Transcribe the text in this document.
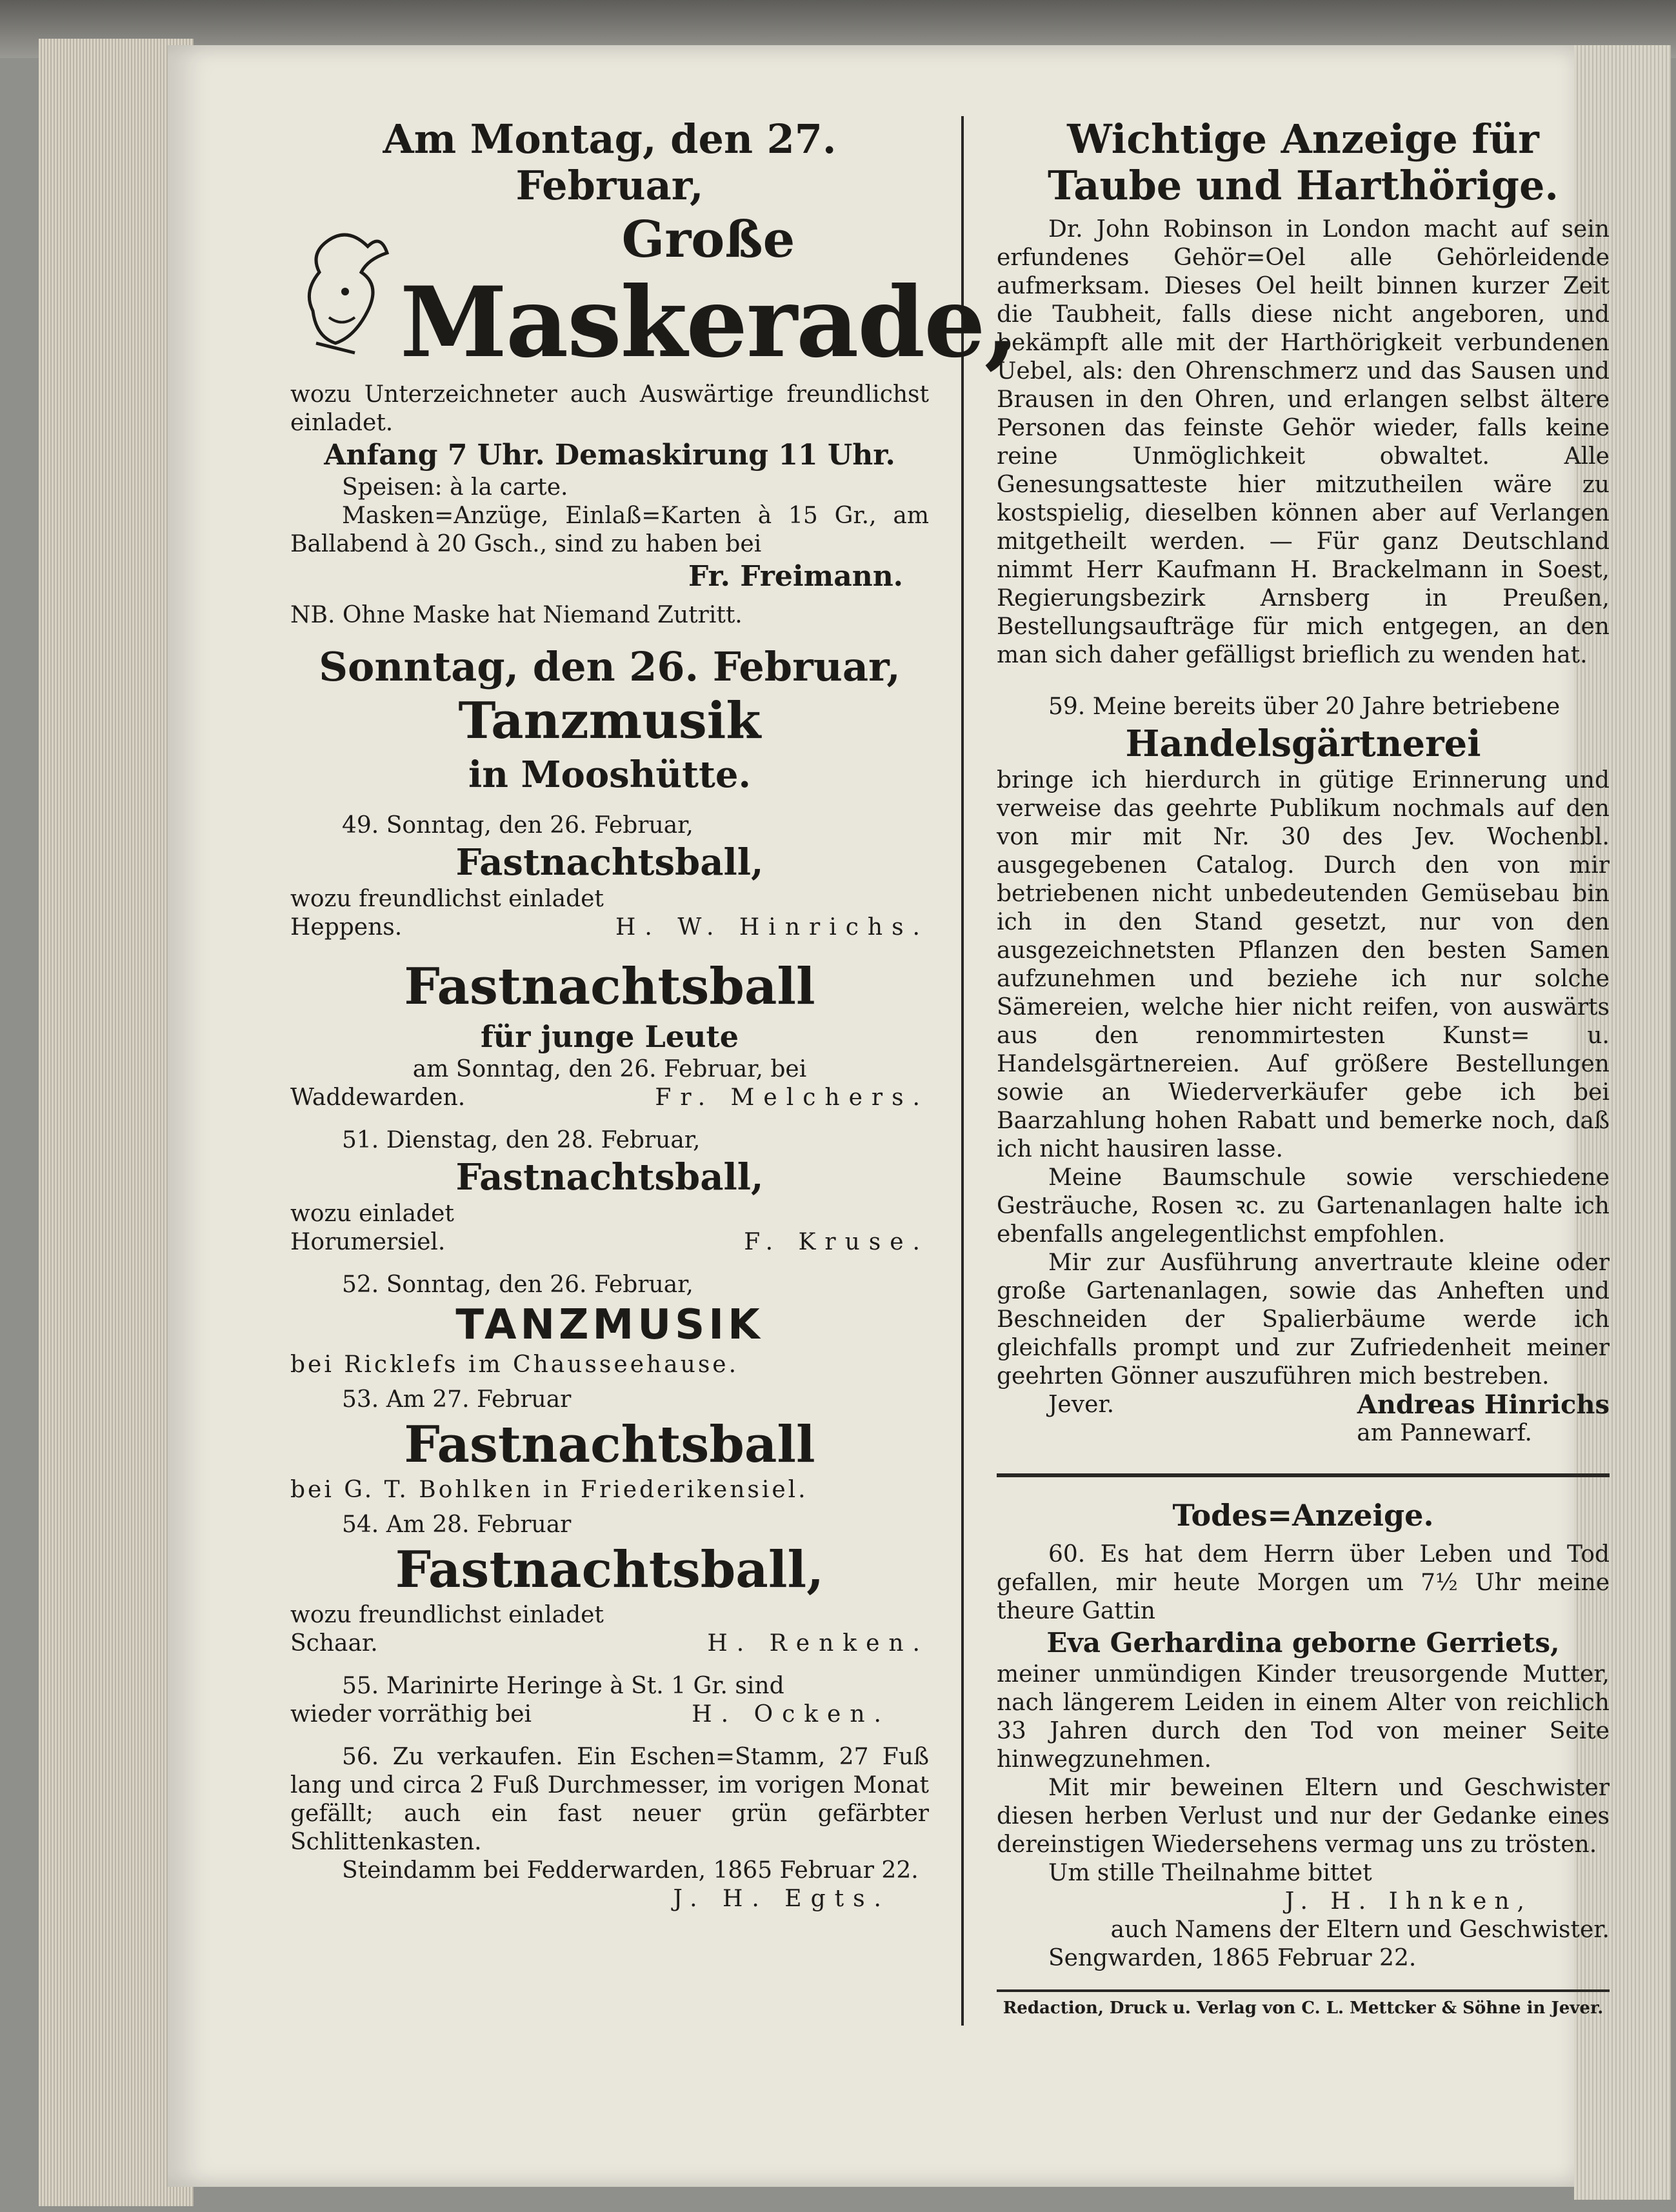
Am Montag, den 27. Februar,

Große

Maskerade,

wozu Unterzeichneter auch Auswärtige freundlichst einladet.

Anfang 7 Uhr. Demaskirung 11 Uhr.

Speisen: à la carte.

Masken=Anzüge, Einlaß=Karten à 15 Gr., am Ballabend à 20 Gsch., sind zu haben bei

Fr. Freimann.

NB. Ohne Maske hat Niemand Zutritt.

Sonntag, den 26. Februar,

Tanzmusik

in Mooshütte.

49. Sonntag, den 26. Februar,

Fastnachtsball,

wozu freundlichst einladet

Heppens.	H. W. Hinrichs.

Fastnachtsball

für junge Leute

am Sonntag, den 26. Februar, bei

Waddewarden.	Fr. Melchers.

51. Dienstag, den 28. Februar,

Fastnachtsball,

wozu einladet

Horumersiel.	F. Kruse.

52. Sonntag, den 26. Februar,

TANZMUSIK

bei Ricklefs im Chausseehause.

53. Am 27. Februar

Fastnachtsball

bei G. T. Bohlken in Friederikensiel.

54. Am 28. Februar

Fastnachtsball,

wozu freundlichst einladet

Schaar.	H. Renken.

55. Marinirte Heringe à St. 1 Gr. sind

wieder vorräthig bei	H. Ocken.

56. Zu verkaufen. Ein Eschen=Stamm, 27 Fuß lang und circa 2 Fuß Durchmesser, im vorigen Monat gefällt; auch ein fast neuer grün gefärbter Schlittenkasten.

Steindamm bei Fedderwarden, 1865 Februar 22.

J. H. Egts.

Wichtige Anzeige für Taube und Harthörige.

Dr. John Robinson in London macht auf sein erfundenes Gehör=Oel alle Gehörleidende aufmerksam. Dieses Oel heilt binnen kurzer Zeit die Taubheit, falls diese nicht angeboren, und bekämpft alle mit der Harthörigkeit verbundenen Uebel, als: den Ohrenschmerz und das Sausen und Brausen in den Ohren, und erlangen selbst ältere Personen das feinste Gehör wieder, falls keine reine Unmöglichkeit obwaltet. Alle Genesungsatteste hier mitzutheilen wäre zu kostspielig, dieselben können aber auf Verlangen mitgetheilt werden. — Für ganz Deutschland nimmt Herr Kaufmann H. Brackelmann in Soest, Regierungsbezirk Arnsberg in Preußen, Bestellungsaufträge für mich entgegen, an den man sich daher gefälligst brieflich zu wenden hat.

59. Meine bereits über 20 Jahre betriebene

Handelsgärtnerei

bringe ich hierdurch in gütige Erinnerung und verweise das geehrte Publikum nochmals auf den von mir mit Nr. 30 des Jev. Wochenbl. ausgegebenen Catalog. Durch den von mir betriebenen nicht unbedeutenden Gemüsebau bin ich in den Stand gesetzt, nur von den ausgezeichnetsten Pflanzen den besten Samen aufzunehmen und beziehe ich nur solche Sämereien, welche hier nicht reifen, von auswärts aus den renommirtesten Kunst= u. Handelsgärtnereien. Auf größere Bestellungen sowie an Wiederverkäufer gebe ich bei Baarzahlung hohen Rabatt und bemerke noch, daß ich nicht hausiren lasse.

Meine Baumschule sowie verschiedene Gesträuche, Rosen ꝛc. zu Gartenanlagen halte ich ebenfalls angelegentlichst empfohlen.

Mir zur Ausführung anvertraute kleine oder große Gartenanlagen, sowie das Anheften und Beschneiden der Spalierbäume werde ich gleichfalls prompt und zur Zufriedenheit meiner geehrten Gönner auszuführen mich bestreben.

Jever.	Andreas Hinrichs

am Pannewarf.

Todes=Anzeige.

60. Es hat dem Herrn über Leben und Tod gefallen, mir heute Morgen um 7½ Uhr meine theure Gattin

Eva Gerhardina geborne Gerriets,

meiner unmündigen Kinder treusorgende Mutter, nach längerem Leiden in einem Alter von reichlich 33 Jahren durch den Tod von meiner Seite hinwegzunehmen.

Mit mir beweinen Eltern und Geschwister diesen herben Verlust und nur der Gedanke eines dereinstigen Wiedersehens vermag uns zu trösten.

Um stille Theilnahme bittet

J. H. Ihnken,

auch Namens der Eltern und Geschwister.

Sengwarden, 1865 Februar 22.

Redaction, Druck u. Verlag von C. L. Mettcker & Söhne in Jever.
